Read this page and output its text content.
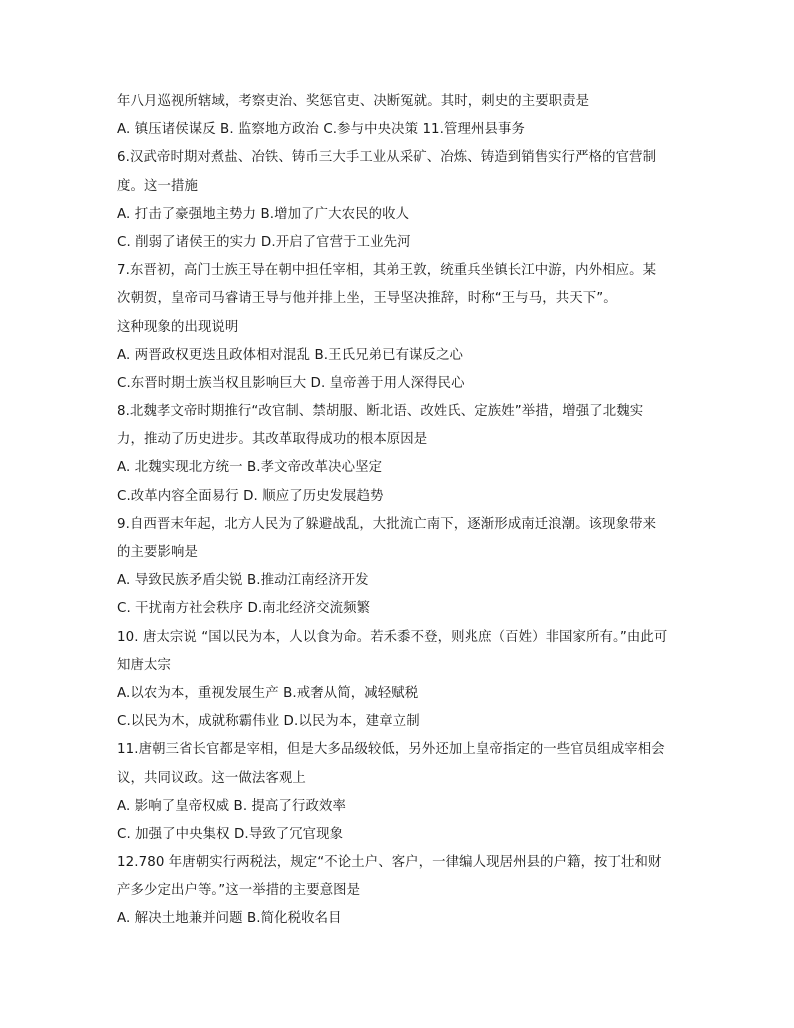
年八月巡视所辖域，考察吏治、奖惩官吏、决断冤就。其时，刺史的主要职责是
A. 镇压诸侯谋反 B. 监察地方政治 C.参与中央决策 11.管理州县事务
6.汉武帝时期对煮盐、冶铁、铸币三大手工业从采矿、冶炼、铸造到销售实行严格的官营制
度。这一措施
A. 打击了豪强地主势力 B.增加了广大农民的收人
C. 削弱了诸侯王的实力 D.开启了官营于工业先河
7.东晋初，高门士族王导在朝中担任宰相，其弟王敦，统重兵坐镇长江中游，内外相应。某
次朝贺，皇帝司马睿请王导与他并排上坐，王导坚决推辞，时称“王与马，共天下”。
这种现象的出现说明
A. 两晋政权更迭且政体相对混乱 B.王氏兄弟已有谋反之心
C.东晋时期士族当权且影响巨大 D. 皇帝善于用人深得民心
8.北魏孝文帝时期推行“改官制、禁胡服、断北语、改姓氏、定族姓”举措，增强了北魏实
力，推动了历史进步。其改革取得成功的根本原因是
A. 北魏实现北方统一 B.孝文帝改革决心坚定
C.改革内容全面易行 D. 顺应了历史发展趋势
9.自西晋末年起，北方人民为了躲避战乱，大批流亡南下，逐渐形成南迁浪潮。该现象带来
的主要影响是
A. 导致民族矛盾尖锐 B.推动江南经济开发
C. 干扰南方社会秩序 D.南北经济交流频繁
10. 唐太宗说 “国以民为本，人以食为命。若禾黍不登，则兆庶（百姓）非国家所有。”由此可
知唐太宗
A.以农为本，重视发展生产 B.戒奢从简，减轻赋税
C.以民为木，成就称霸伟业 D.以民为本，建章立制
11.唐朝三省长官都是宰相，但是大多品级较低，另外还加上皇帝指定的一些官员组成宰相会
议，共同议政。这一做法客观上
A. 影响了皇帝权威 B. 提高了行政效率
C. 加强了中央集权 D.导致了冗官现象
12.780 年唐朝实行两税法，规定“不论土户、客户，一律编人现居州县的户籍，按丁壮和财
产多少定出户等。”这一举措的主要意图是
A. 解决土地兼并问题 B.简化税收名目
